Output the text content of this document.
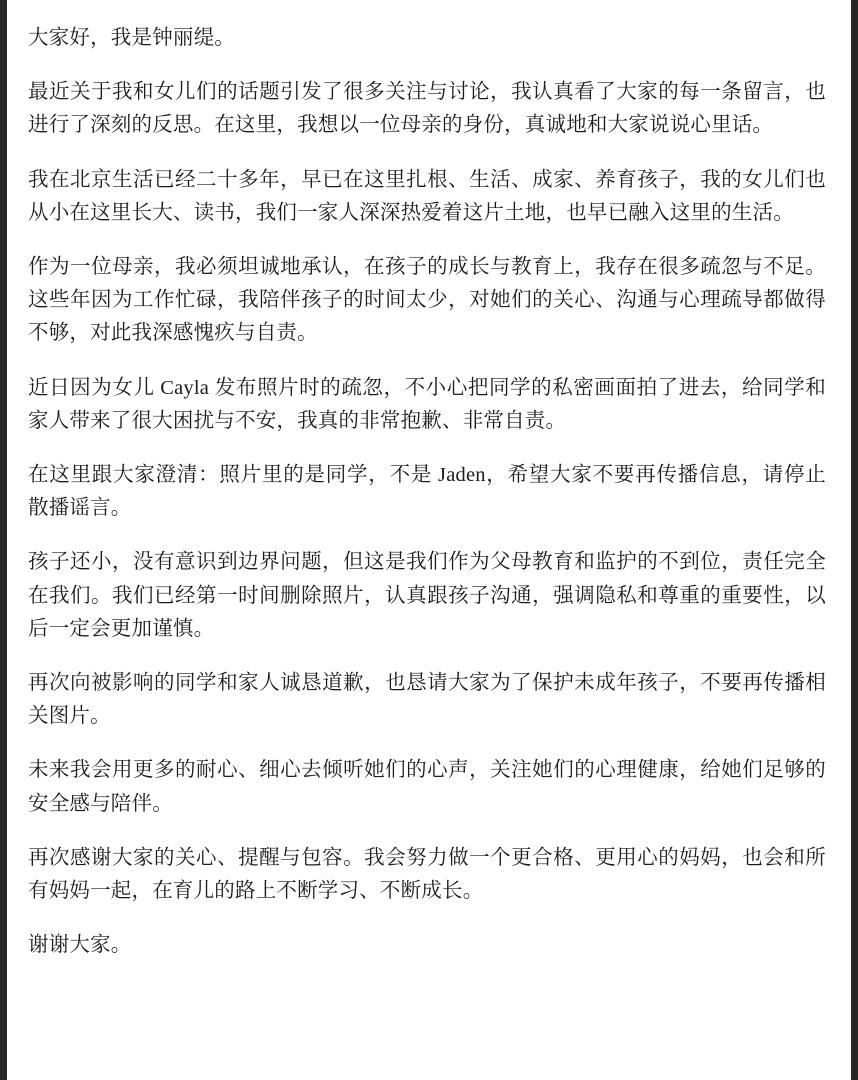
大家好，我是钟丽缇。

最近关于我和女儿们的话题引发了很多关注与讨论，我认真看了大家的每一条留言，也进行了深刻的反思。在这里，我想以一位母亲的身份，真诚地和大家说说心里话。

我在北京生活已经二十多年，早已在这里扎根、生活、成家、养育孩子，我的女儿们也从小在这里长大、读书，我们一家人深深热爱着这片土地，也早已融入这里的生活。

作为一位母亲，我必须坦诚地承认，在孩子的成长与教育上，我存在很多疏忽与不足。这些年因为工作忙碌，我陪伴孩子的时间太少，对她们的关心、沟通与心理疏导都做得不够，对此我深感愧疚与自责。

近日因为女儿 Cayla 发布照片时的疏忽，不小心把同学的私密画面拍了进去，给同学和家人带来了很大困扰与不安，我真的非常抱歉、非常自责。

在这里跟大家澄清：照片里的是同学，不是 Jaden，希望大家不要再传播信息，请停止散播谣言。

孩子还小，没有意识到边界问题，但这是我们作为父母教育和监护的不到位，责任完全在我们。我们已经第一时间删除照片，认真跟孩子沟通，强调隐私和尊重的重要性，以后一定会更加谨慎。

再次向被影响的同学和家人诚恳道歉，也恳请大家为了保护未成年孩子，不要再传播相关图片。

未来我会用更多的耐心、细心去倾听她们的心声，关注她们的心理健康，给她们足够的安全感与陪伴。

再次感谢大家的关心、提醒与包容。我会努力做一个更合格、更用心的妈妈，也会和所有妈妈一起，在育儿的路上不断学习、不断成长。

谢谢大家。
